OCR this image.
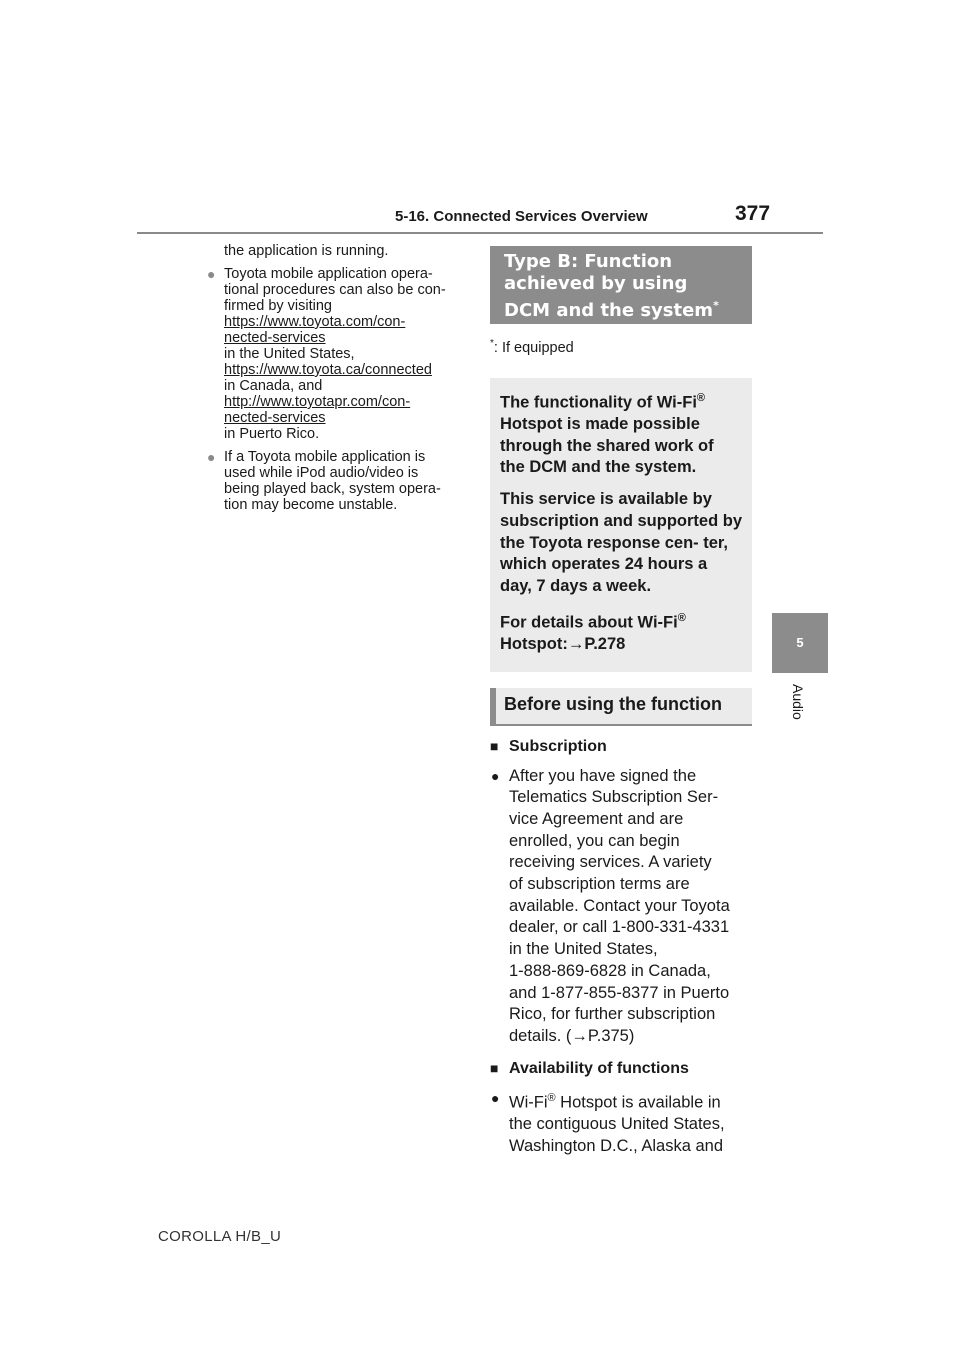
5-16. Connected Services Overview	377
5
Audio
the application is running.
● Toyota mobile application opera-
tional procedures can also be con-
firmed by visiting
https://www.toyota.com/con-
nected-services
in the United States,
https://www.toyota.ca/connected
in Canada, and
http://www.toyotapr.com/con-
nected-services
in Puerto Rico.
● If a Toyota mobile application is
used while iPod audio/video is
being played back, system opera-
tion may become unstable.
Type B: Function
achieved by using
DCM and the system*
*: If equipped

The functionality of Wi-Fi® Hotspot is made possible through the shared work of the DCM and the system.

This service is available by subscription and supported by the Toyota response cen- ter, which operates 24 hours a day, 7 days a week.

For details about Wi-Fi®
Hotspot:→P.278

Before using the function
■ Subscription
● After you have signed the
Telematics Subscription Ser-
vice Agreement and are
enrolled, you can begin
receiving services. A variety
of subscription terms are
available. Contact your Toyota
dealer, or call 1-800-331-4331
in the United States,
1-888-869-6828 in Canada,
and 1-877-855-8377 in Puerto
Rico, for further subscription
details. (→P.375)
■ Availability of functions
● Wi-Fi® Hotspot is available in
the contiguous United States,
Washington D.C., Alaska and
COROLLA H/B_U
